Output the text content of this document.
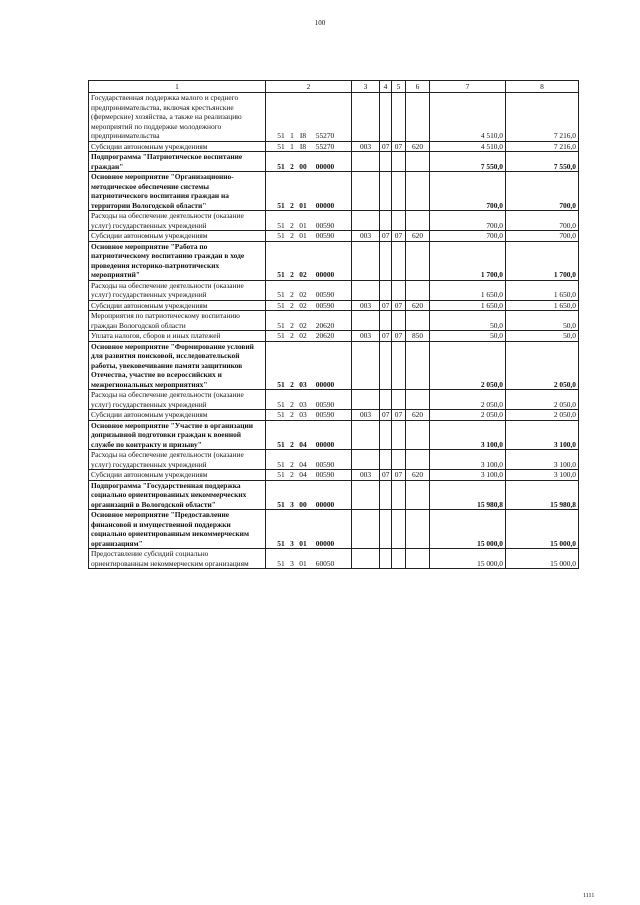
100
1	2	3	4	5	6	7	8
Государственная поддержка малого и среднего предпринимательства, включая крестьянские (фермерские) хозяйства, а также на реализацию мероприятий по поддержке молодежного предпринимательства	51 1 I8 55270					4 510,0	7 216,0
Субсидии автономным учреждениям	51 1 I8 55270	003	07	07	620	4 510,0	7 216,0
Подпрограмма "Патриотическое воспитание граждан"	51 2 00 00000					7 550,0	7 550,0
Основное мероприятие "Организационно-методическое обеспечение системы патриотического воспитания граждан на территории Вологодской области"	51 2 01 00000					700,0	700,0
Расходы на обеспечение деятельности (оказание услуг) государственных учреждений	51 2 01 00590					700,0	700,0
Субсидии автономным учреждениям	51 2 01 00590	003	07	07	620	700,0	700,0
Основное мероприятие "Работа по патриотическому воспитанию граждан в ходе проведения историко-патриотических мероприятий"	51 2 02 00000					1 700,0	1 700,0
Расходы на обеспечение деятельности (оказание услуг) государственных учреждений	51 2 02 00590					1 650,0	1 650,0
Субсидии автономным учреждениям	51 2 02 00590	003	07	07	620	1 650,0	1 650,0
Мероприятия по патриотическому воспитанию граждан Вологодской области	51 2 02 20620					50,0	50,0
Уплата налогов, сборов и иных платежей	51 2 02 20620	003	07	07	850	50,0	50,0
Основное мероприятие "Формирование условий для развития поисковой, исследовательской работы, увековечивание памяти защитников Отечества, участие во всероссийских и межрегиональных мероприятиях"	51 2 03 00000					2 050,0	2 050,0
Расходы на обеспечение деятельности (оказание услуг) государственных учреждений	51 2 03 00590					2 050,0	2 050,0
Субсидии автономным учреждениям	51 2 03 00590	003	07	07	620	2 050,0	2 050,0
Основное мероприятие "Участие в организации допризывной подготовки граждан к военной службе по контракту и призыву"	51 2 04 00000					3 100,0	3 100,0
Расходы на обеспечение деятельности (оказание услуг) государственных учреждений	51 2 04 00590					3 100,0	3 100,0
Субсидии автономным учреждениям	51 2 04 00590	003	07	07	620	3 100,0	3 100,0
Подпрограмма "Государственная поддержка социально ориентированных некоммерческих организаций в Вологодской области"	51 3 00 00000					15 980,8	15 980,8
Основное мероприятие "Предоставление финансовой и имущественной поддержки социально ориентированным некоммерческим организациям"	51 3 01 00000					15 000,0	15 000,0
Предоставление субсидий социально ориентированным некоммерческим организациям	51 3 01 60050					15 000,0	15 000,0
1111
